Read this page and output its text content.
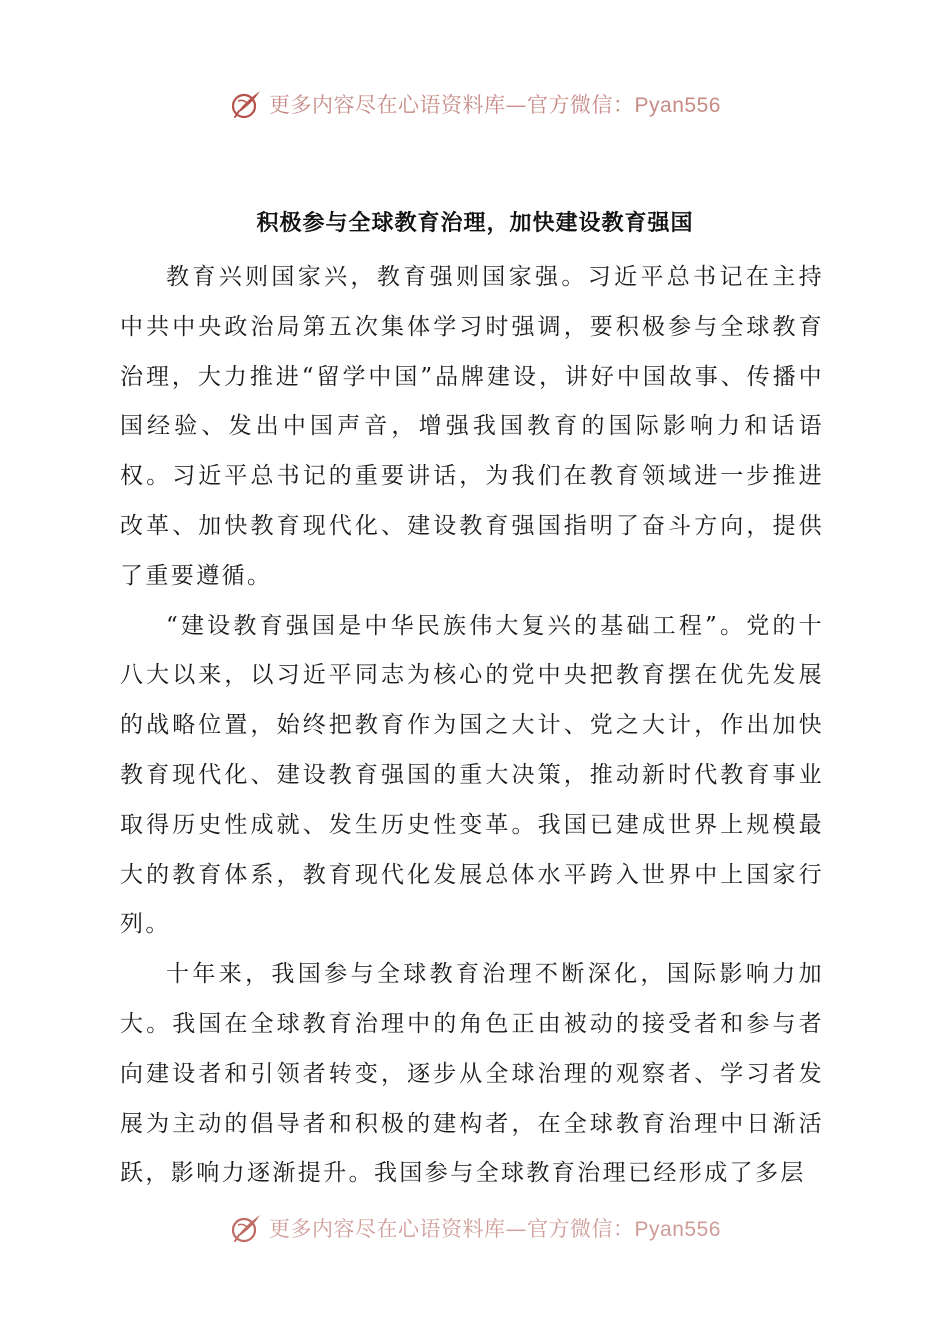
更多内容尽在心语资料库—官方微信：Pyan556
积极参与全球教育治理，加快建设教育强国

教育兴则国家兴，教育强则国家强。习近平总书记在主持中共中央政治局第五次集体学习时强调，要积极参与全球教育治理，大力推进“留学中国”品牌建设，讲好中国故事、传播中国经验、发出中国声音，增强我国教育的国际影响力和话语权。习近平总书记的重要讲话，为我们在教育领域进一步推进改革、加快教育现代化、建设教育强国指明了奋斗方向，提供了重要遵循。

“建设教育强国是中华民族伟大复兴的基础工程”。党的十八大以来，以习近平同志为核心的党中央把教育摆在优先发展的战略位置，始终把教育作为国之大计、党之大计，作出加快教育现代化、建设教育强国的重大决策，推动新时代教育事业取得历史性成就、发生历史性变革。我国已建成世界上规模最大的教育体系，教育现代化发展总体水平跨入世界中上国家行列。

十年来，我国参与全球教育治理不断深化，国际影响力加大。我国在全球教育治理中的角色正由被动的接受者和参与者向建设者和引领者转变，逐步从全球治理的观察者、学习者发展为主动的倡导者和积极的建构者，在全球教育治理中日渐活跃，影响力逐渐提升。我国参与全球教育治理已经形成了多层

更多内容尽在心语资料库—官方微信：Pyan556
